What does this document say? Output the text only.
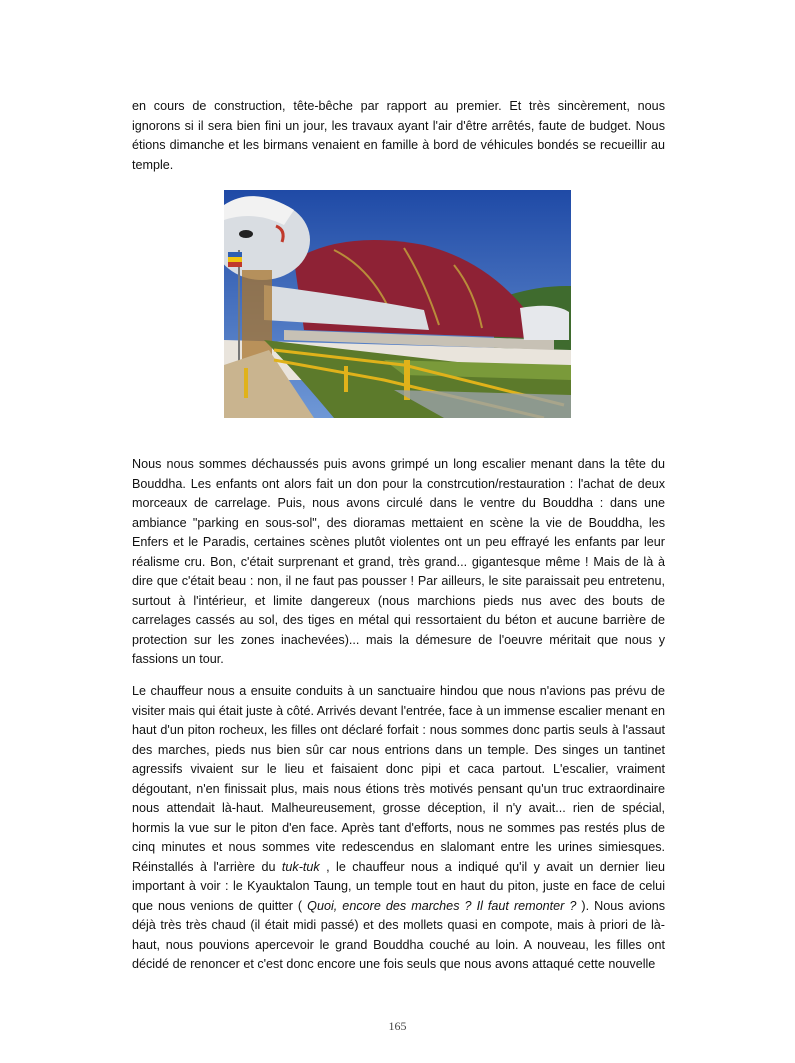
en cours de construction, tête-bêche par rapport au premier. Et très sincèrement, nous ignorons si il sera bien fini un jour, les travaux ayant l'air d'être arrêtés, faute de budget. Nous étions dimanche et les birmans venaient en famille à bord de véhicules bondés se recueillir au temple.

Nous nous sommes déchaussés puis avons grimpé un long escalier menant dans la tête du Bouddha. Les enfants ont alors fait un don pour la constrcution/restauration : l'achat de deux morceaux de carrelage. Puis, nous avons circulé dans le ventre du Bouddha : dans une ambiance "parking en sous-sol", des dioramas mettaient en scène la vie de Bouddha, les Enfers et le Paradis, certaines scènes plutôt violentes ont un peu effrayé les enfants par leur réalisme cru. Bon, c'était surprenant et grand, très grand... gigantesque même ! Mais de là à dire que c'était beau : non, il ne faut pas pousser ! Par ailleurs, le site paraissait peu entretenu, surtout à l'intérieur, et limite dangereux (nous marchions pieds nus avec des bouts de carrelages cassés au sol, des tiges en métal qui ressortaient du béton et aucune barrière de protection sur les zones inachevées)... mais la démesure de l'oeuvre méritait que nous y fassions un tour.

Le chauffeur nous a ensuite conduits à un sanctuaire hindou que nous n'avions pas prévu de visiter mais qui était juste à côté. Arrivés devant l'entrée, face à un immense escalier menant en haut d'un piton rocheux, les filles ont déclaré forfait : nous sommes donc partis seuls à l'assaut des marches, pieds nus bien sûr car nous entrions dans un temple. Des singes un tantinet agressifs vivaient sur le lieu et faisaient donc pipi et caca partout. L'escalier, vraiment dégoutant, n'en finissait plus, mais nous étions très motivés pensant qu'un truc extraordinaire nous attendait là-haut. Malheureusement, grosse déception, il n'y avait... rien de spécial, hormis la vue sur le piton d'en face. Après tant d'efforts, nous ne sommes pas restés plus de cinq minutes et nous sommes vite redescendus en slalomant entre les urines simiesques. Réinstallés à l'arrière du tuk-tuk , le chauffeur nous a indiqué qu'il y avait un dernier lieu important à voir : le Kyauktalon Taung, un temple tout en haut du piton, juste en face de celui que nous venions de quitter ( Quoi, encore des marches ? Il faut remonter ? ). Nous avions déjà très très chaud (il était midi passé) et des mollets quasi en compote, mais à priori de là-haut, nous pouvions apercevoir le grand Bouddha couché au loin. A nouveau, les filles ont décidé de renoncer et c'est donc encore une fois seuls que nous avons attaqué cette nouvelle

165
